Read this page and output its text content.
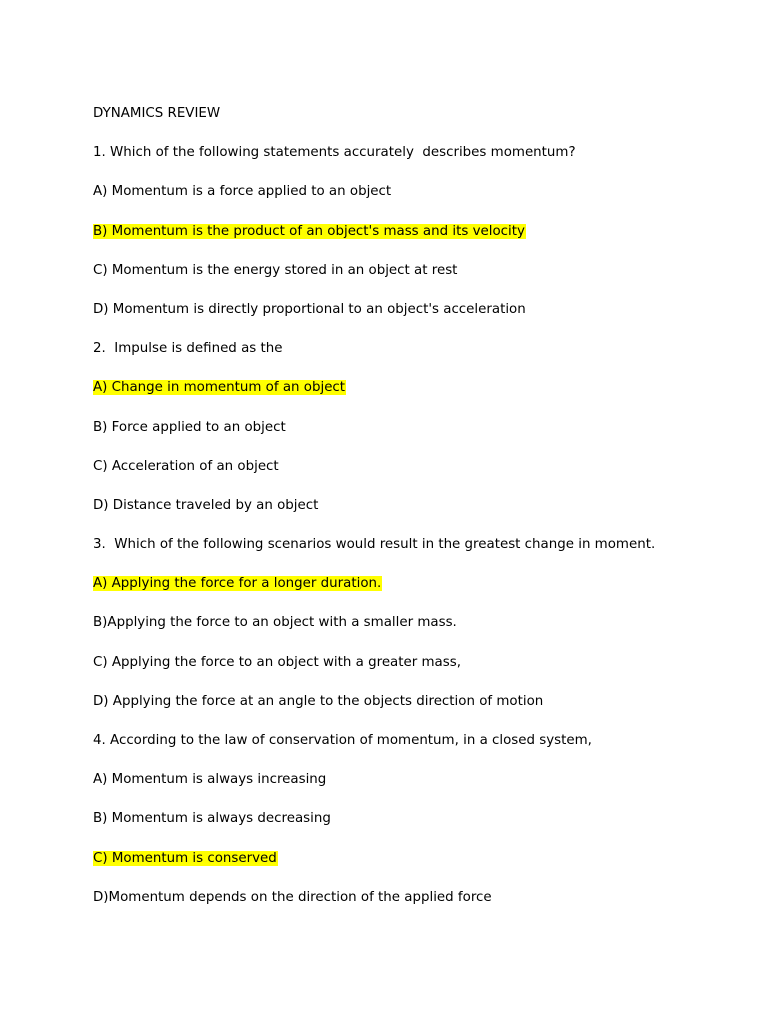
DYNAMICS REVIEW
1. Which of the following statements accurately  describes momentum?
A) Momentum is a force applied to an object
B) Momentum is the product of an object's mass and its velocity
C) Momentum is the energy stored in an object at rest
D) Momentum is directly proportional to an object's acceleration
2.  Impulse is defined as the
A) Change in momentum of an object
B) Force applied to an object
C) Acceleration of an object
D) Distance traveled by an object
3.  Which of the following scenarios would result in the greatest change in moment.
A) Applying the force for a longer duration.
B)Applying the force to an object with a smaller mass.
C) Applying the force to an object with a greater mass,
D) Applying the force at an angle to the objects direction of motion
4. According to the law of conservation of momentum, in a closed system,
A) Momentum is always increasing
B) Momentum is always decreasing
C) Momentum is conserved
D)Momentum depends on the direction of the applied force
